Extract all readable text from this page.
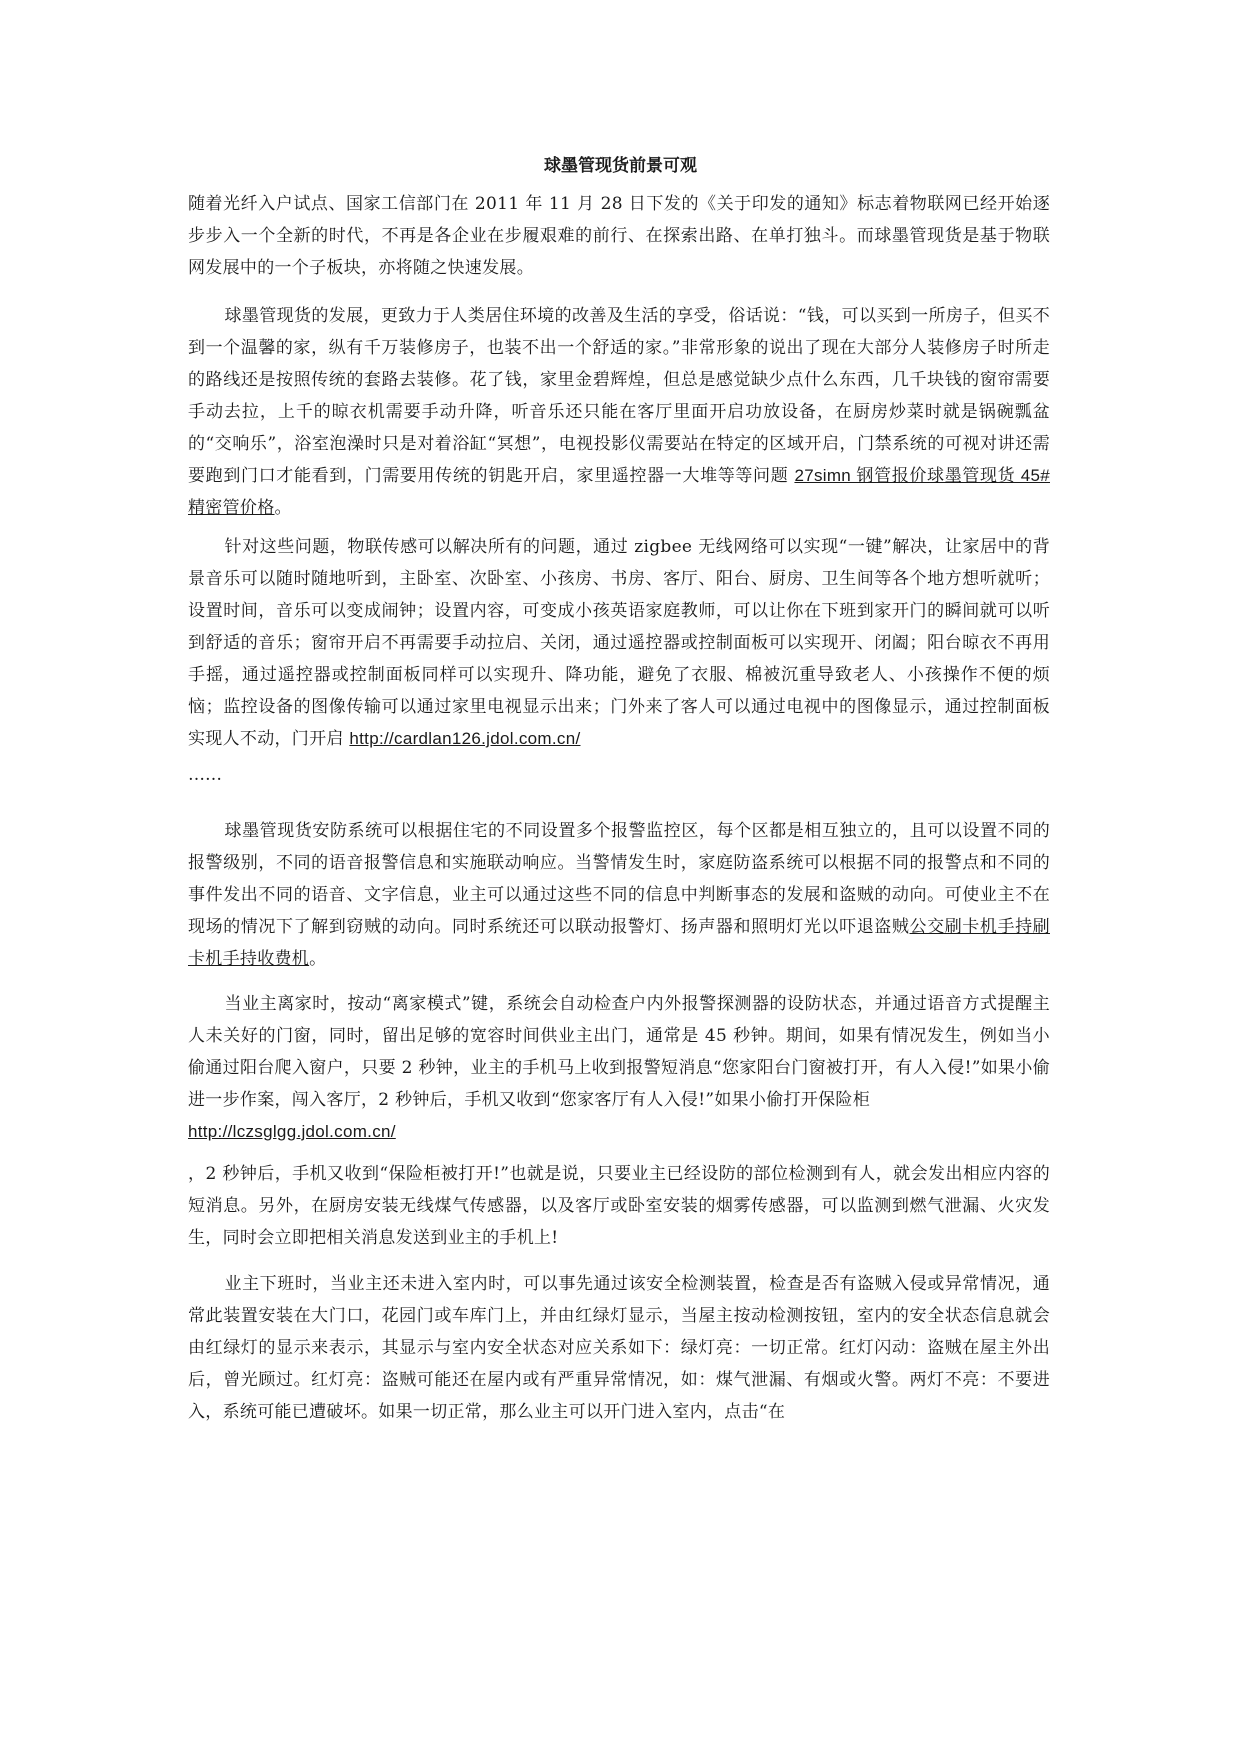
球墨管现货前景可观

随着光纤入户试点、国家工信部门在 2011 年 11 月 28 日下发的《关于印发的通知》标志着物联网已经开始逐步步入一个全新的时代，不再是各企业在步履艰难的前行、在探索出路、在单打独斗。而球墨管现货是基于物联网发展中的一个子板块，亦将随之快速发展。

球墨管现货的发展，更致力于人类居住环境的改善及生活的享受，俗话说：“钱，可以买到一所房子，但买不到一个温馨的家，纵有千万装修房子，也装不出一个舒适的家。”非常形象的说出了现在大部分人装修房子时所走的路线还是按照传统的套路去装修。花了钱，家里金碧辉煌，但总是感觉缺少点什么东西，几千块钱的窗帘需要手动去拉，上千的晾衣机需要手动升降，听音乐还只能在客厅里面开启功放设备，在厨房炒菜时就是锅碗瓢盆的“交响乐”，浴室泡澡时只是对着浴缸“冥想”，电视投影仪需要站在特定的区域开启，门禁系统的可视对讲还需要跑到门口才能看到，门需要用传统的钥匙开启，家里遥控器一大堆等等问题 27simn 钢管报价球墨管现货 45#精密管价格。

针对这些问题，物联传感可以解决所有的问题，通过 zigbee 无线网络可以实现“一键”解决，让家居中的背景音乐可以随时随地听到，主卧室、次卧室、小孩房、书房、客厅、阳台、厨房、卫生间等各个地方想听就听；设置时间，音乐可以变成闹钟；设置内容，可变成小孩英语家庭教师，可以让你在下班到家开门的瞬间就可以听到舒适的音乐；窗帘开启不再需要手动拉启、关闭，通过遥控器或控制面板可以实现开、闭阖；阳台晾衣不再用手摇，通过遥控器或控制面板同样可以实现升、降功能，避免了衣服、棉被沉重导致老人、小孩操作不便的烦恼；监控设备的图像传输可以通过家里电视显示出来；门外来了客人可以通过电视中的图像显示，通过控制面板实现人不动，门开启 http://cardlan126.jdol.com.cn/

……

球墨管现货安防系统可以根据住宅的不同设置多个报警监控区，每个区都是相互独立的，且可以设置不同的报警级别，不同的语音报警信息和实施联动响应。当警情发生时，家庭防盗系统可以根据不同的报警点和不同的事件发出不同的语音、文字信息，业主可以通过这些不同的信息中判断事态的发展和盗贼的动向。可使业主不在现场的情况下了解到窃贼的动向。同时系统还可以联动报警灯、扬声器和照明灯光以吓退盗贼公交刷卡机手持刷卡机手持收费机。

当业主离家时，按动“离家模式”键，系统会自动检查户内外报警探测器的设防状态，并通过语音方式提醒主人未关好的门窗，同时，留出足够的宽容时间供业主出门，通常是 45 秒钟。期间，如果有情况发生，例如当小偷通过阳台爬入窗户，只要 2 秒钟，业主的手机马上收到报警短消息“您家阳台门窗被打开，有人入侵!”如果小偷进一步作案，闯入客厅，2 秒钟后，手机又收到“您家客厅有人入侵!”如果小偷打开保险柜
http://lczsglgg.jdol.com.cn/

，2 秒钟后，手机又收到“保险柜被打开!”也就是说，只要业主已经设防的部位检测到有人，就会发出相应内容的短消息。另外，在厨房安装无线煤气传感器，以及客厅或卧室安装的烟雾传感器，可以监测到燃气泄漏、火灾发生，同时会立即把相关消息发送到业主的手机上!

业主下班时，当业主还未进入室内时，可以事先通过该安全检测装置，检查是否有盗贼入侵或异常情况，通常此装置安装在大门口，花园门或车库门上，并由红绿灯显示，当屋主按动检测按钮，室内的安全状态信息就会由红绿灯的显示来表示，其显示与室内安全状态对应关系如下：绿灯亮：一切正常。红灯闪动：盗贼在屋主外出后，曾光顾过。红灯亮：盗贼可能还在屋内或有严重异常情况，如：煤气泄漏、有烟或火警。两灯不亮：不要进入，系统可能已遭破坏。如果一切正常，那么业主可以开门进入室内，点击“在
